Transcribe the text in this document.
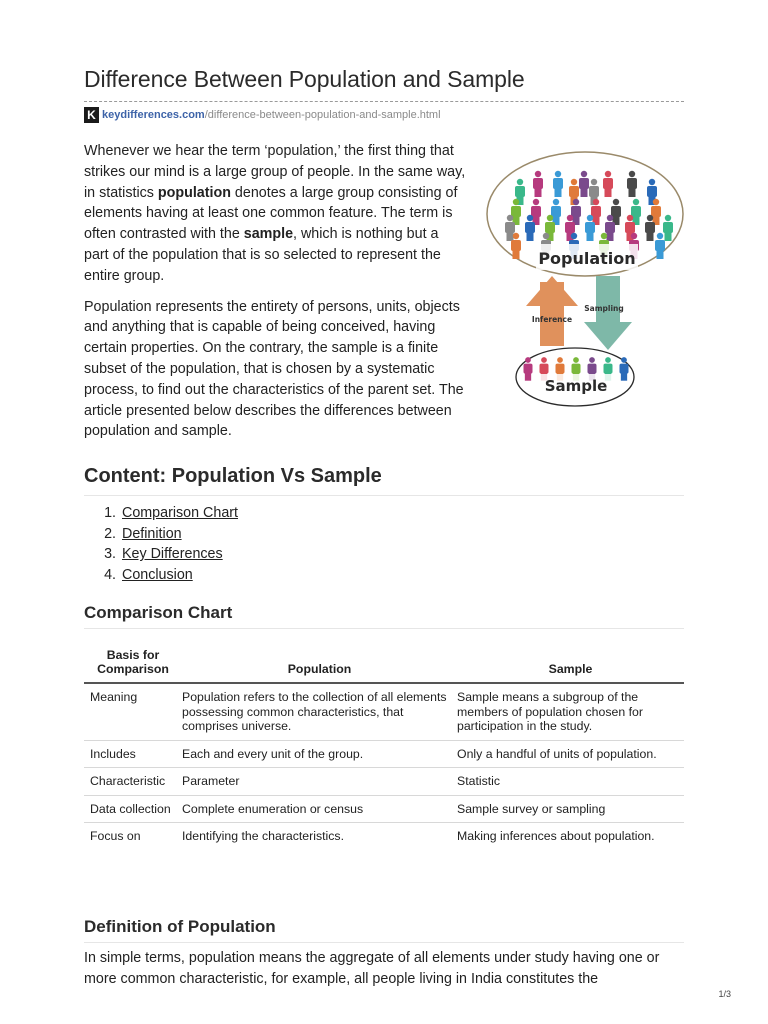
Difference Between Population and Sample
K keydifferences.com /difference-between-population-and-sample.html

Whenever we hear the term ‘population,’ the first thing that strikes our mind is a large group of people. In the same way, in statistics population denotes a large group consisting of elements having at least one common feature. The term is often contrasted with the sample, which is nothing but a part of the population that is so selected to represent the entire group.

Population represents the entirety of persons, units, objects and anything that is capable of being conceived, having certain properties. On the contrary, the sample is a finite subset of the population, that is chosen by a systematic process, to find out the characteristics of the parent set. The article presented below describes the differences between population and sample.

Population
Inference
Sampling
Sample
Content: Population Vs Sample
1. Comparison Chart
2. Definition
3. Key Differences
4. Conclusion
Comparison Chart
Basis for Comparison	Population	Sample
Meaning	Population refers to the collection of all elements possessing common characteristics, that comprises universe.	Sample means a subgroup of the members of population chosen for participation in the study.
Includes	Each and every unit of the group.	Only a handful of units of population.
Characteristic	Parameter	Statistic
Data collection	Complete enumeration or census	Sample survey or sampling
Focus on	Identifying the characteristics.	Making inferences about population.
Definition of Population

In simple terms, population means the aggregate of all elements under study having one or more common characteristic, for example, all people living in India constitutes the

1/3
